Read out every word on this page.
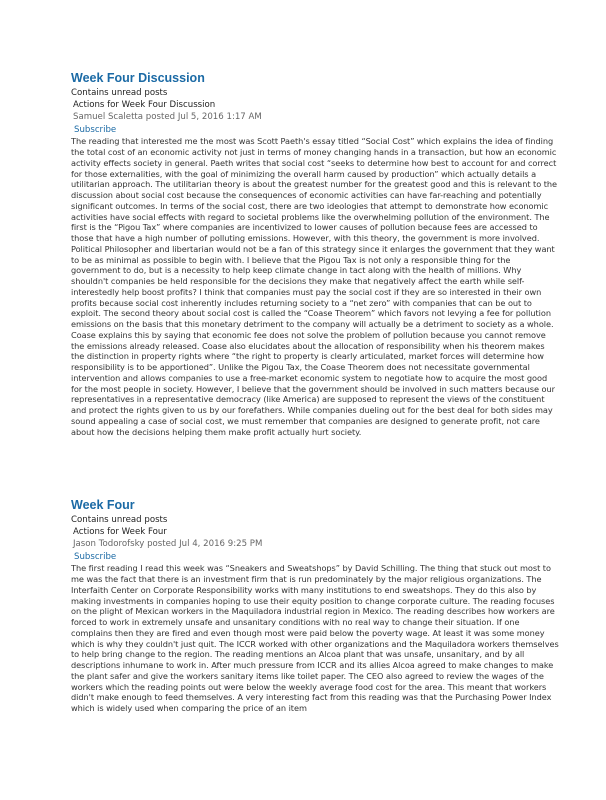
Week Four Discussion
Contains unread posts
Actions for Week Four Discussion
Samuel Scaletta posted Jul 5, 2016 1:17 AM
Subscribe
The reading that interested me the most was Scott Paeth's essay titled “Social Cost” which explains the idea of finding the total cost of an economic activity not just in terms of money changing hands in a transaction, but how an economic activity effects society in general. Paeth writes that social cost “seeks to determine how best to account for and correct for those externalities, with the goal of minimizing the overall harm caused by production” which actually details a utilitarian approach. The utilitarian theory is about the greatest number for the greatest good and this is relevant to the discussion about social cost because the consequences of economic activities can have far-reaching and potentially significant outcomes. In terms of the social cost, there are two ideologies that attempt to demonstrate how economic activities have social effects with regard to societal problems like the overwhelming pollution of the environment. The first is the “Pigou Tax” where companies are incentivized to lower causes of pollution because fees are accessed to those that have a high number of polluting emissions. However, with this theory, the government is more involved. Political Philosopher and libertarian would not be a fan of this strategy since it enlarges the government that they want to be as minimal as possible to begin with. I believe that the Pigou Tax is not only a responsible thing for the government to do, but is a necessity to help keep climate change in tact along with the health of millions. Why shouldn't companies be held responsible for the decisions they make that negatively affect the earth while self-interestedly help boost profits? I think that companies must pay the social cost if they are so interested in their own profits because social cost inherently includes returning society to a “net zero” with companies that can be out to exploit. The second theory about social cost is called the “Coase Theorem” which favors not levying a fee for pollution emissions on the basis that this monetary detriment to the company will actually be a detriment to society as a whole. Coase explains this by saying that economic fee does not solve the problem of pollution because you cannot remove the emissions already released. Coase also elucidates about the allocation of responsibility when his theorem makes the distinction in property rights where “the right to property is clearly articulated, market forces will determine how responsibility is to be apportioned”. Unlike the Pigou Tax, the Coase Theorem does not necessitate governmental intervention and allows companies to use a free-market economic system to negotiate how to acquire the most good for the most people in society. However, I believe that the government should be involved in such matters because our representatives in a representative democracy (like America) are supposed to represent the views of the constituent and protect the rights given to us by our forefathers. While companies dueling out for the best deal for both sides may sound appealing a case of social cost, we must remember that companies are designed to generate profit, not care about how the decisions helping them make profit actually hurt society.
Week Four
Contains unread posts
Actions for Week Four
Jason Todorofsky posted Jul 4, 2016 9:25 PM
Subscribe
The first reading I read this week was “Sneakers and Sweatshops” by David Schilling. The thing that stuck out most to me was the fact that there is an investment firm that is run predominately by the major religious organizations. The Interfaith Center on Corporate Responsibility works with many institutions to end sweatshops. They do this also by making investments in companies hoping to use their equity position to change corporate culture. The reading focuses on the plight of Mexican workers in the Maquiladora industrial region in Mexico. The reading describes how workers are forced to work in extremely unsafe and unsanitary conditions with no real way to change their situation. If one complains then they are fired and even though most were paid below the poverty wage. At least it was some money which is why they couldn't just quit. The ICCR worked with other organizations and the Maquiladora workers themselves to help bring change to the region. The reading mentions an Alcoa plant that was unsafe, unsanitary, and by all descriptions inhumane to work in. After much pressure from ICCR and its allies Alcoa agreed to make changes to make the plant safer and give the workers sanitary items like toilet paper. The CEO also agreed to review the wages of the workers which the reading points out were below the weekly average food cost for the area. This meant that workers didn't make enough to feed themselves. A very interesting fact from this reading was that the Purchasing Power Index which is widely used when comparing the price of an item
